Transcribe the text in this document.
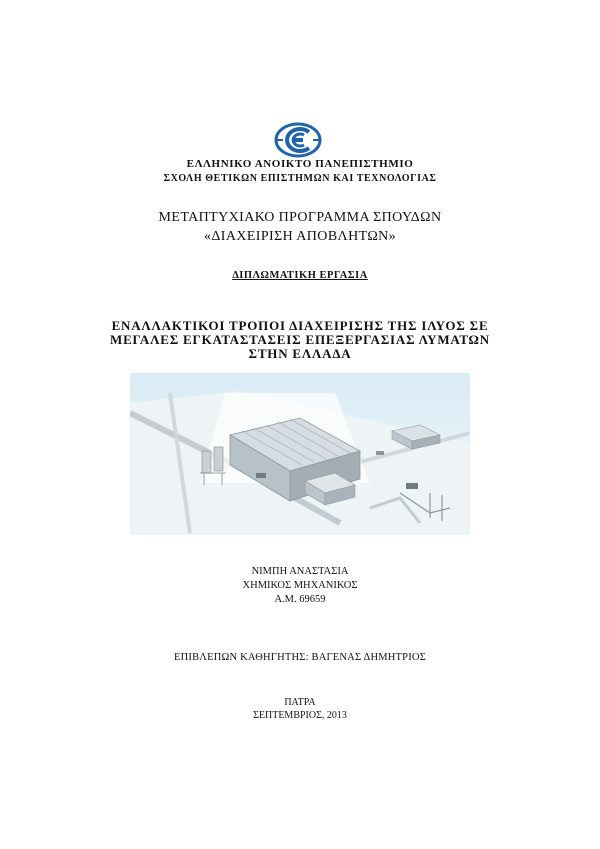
ΕΛΛΗΝΙΚΟ ΑΝΟΙΚΤΟ ΠΑΝΕΠΙΣΤΗΜΙΟ
ΣΧΟΛΗ ΘΕΤΙΚΩΝ ΕΠΙΣΤΗΜΩΝ ΚΑΙ ΤΕΧΝΟΛΟΓΙΑΣ
ΜΕΤΑΠΤΥΧΙΑΚΟ ΠΡΟΓΡΑΜΜΑ ΣΠΟΥΔΩΝ
«ΔΙΑΧΕΙΡΙΣΗ ΑΠΟΒΛΗΤΩΝ»
ΔΙΠΛΩΜΑΤΙΚΗ ΕΡΓΑΣΙΑ
ΕΝΑΛΛΑΚΤΙΚΟΙ ΤΡΟΠΟΙ ΔΙΑΧΕΙΡΙΣΗΣ ΤΗΣ ΙΛΥΟΣ ΣΕ
ΜΕΓΑΛΕΣ ΕΓΚΑΤΑΣΤΑΣΕΙΣ ΕΠΕΞΕΡΓΑΣΙΑΣ ΛΥΜΑΤΩΝ
ΣΤΗΝ ΕΛΛΑΔΑ
ΝΙΜΠΗ ΑΝΑΣΤΑΣΙΑ
ΧΗΜΙΚΟΣ ΜΗΧΑΝΙΚΟΣ
Α.Μ. 69659
ΕΠΙΒΛΕΠΩΝ ΚΑΘΗΓΗΤΗΣ: ΒΑΓΕΝΑΣ ΔΗΜΗΤΡΙΟΣ
ΠΑΤΡΑ
ΣΕΠΤΕΜΒΡΙΟΣ, 2013
